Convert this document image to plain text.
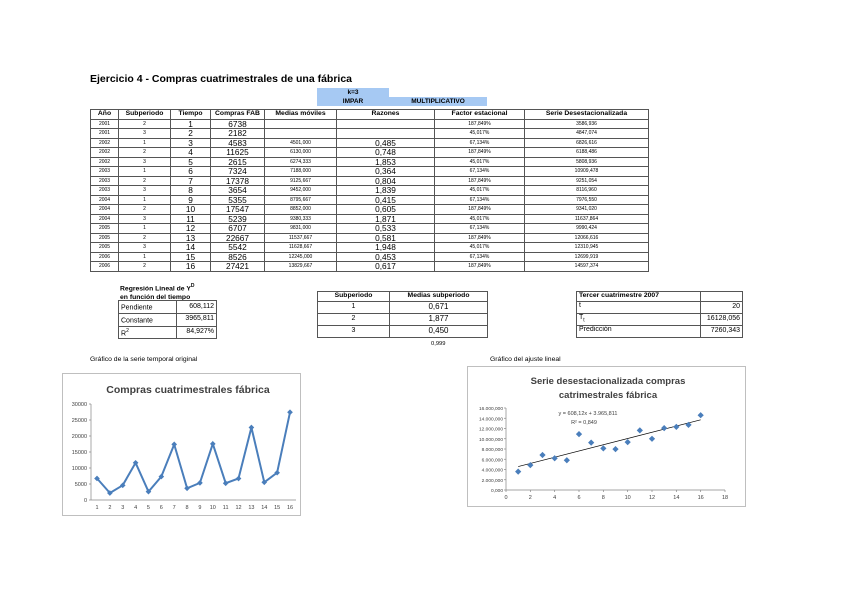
Ejercicio 4 - Compras cuatrimestrales de una fábrica
k=3
IMPAR	MULTIPLICATIVO
Año	Subperiodo	Tiempo	Compras FAB	Medias móviles	Razones	Factor estacional	Serie Desestacionalizada
2001	2	1	6738			187,849%	3586,936
2001	3	2	2182			45,017%	4847,074
2002	1	3	4583	4501,000	0,485	67,134%	6826,616
2002	2	4	11625	6130,000	0,748	187,849%	6188,486
2002	3	5	2615	6274,333	1,853	45,017%	5808,936
2003	1	6	7324	7188,000	0,364	67,134%	10909,478
2003	2	7	17378	9125,667	0,804	187,849%	9251,054
2003	3	8	3654	9452,000	1,839	45,017%	8116,960
2004	1	9	5355	8795,667	0,415	67,134%	7976,550
2004	2	10	17547	8852,000	0,605	187,849%	9341,020
2004	3	11	5239	9380,333	1,871	45,017%	11637,864
2005	1	12	6707	9831,000	0,533	67,134%	9990,424
2005	2	13	22667	11537,667	0,581	187,849%	12066,616
2005	3	14	5542	11628,667	1,948	45,017%	12310,945
2006	1	15	8526	12245,000	0,453	67,134%	12699,919
2006	2	16	27421	13829,667	0,617	187,849%	14597,374
Regresión Lineal de $Y^D$
en función del tiempo
Pendiente	608,112
Constante	3965,811
$R^2$	84,927%
Subperiodo	Medias subperiodo
1	0,671
2	1,877
3	0,450
0,999
Tercer cuatrimestre 2007	
t	20
$T_t$	16128,056
Predicción	7260,343
Gráfico de la serie temporal original	Gráfico del ajuste lineal
Compras cuatrimestrales fábrica
0
5000
10000
15000
20000
25000
30000
1 2 3 4 5 6 7 8 9 10 11 12 13 14 15 16
Serie desestacionalizada compras
catrimestrales fábrica
0,000
2.000,000
4.000,000
6.000,000
8.000,000
10.000,000
12.000,000
14.000,000
16.000,000
0	2	4	6	8	10	12	14	16	18
y = 608,12x + 3.965,811
R² = 0,849
